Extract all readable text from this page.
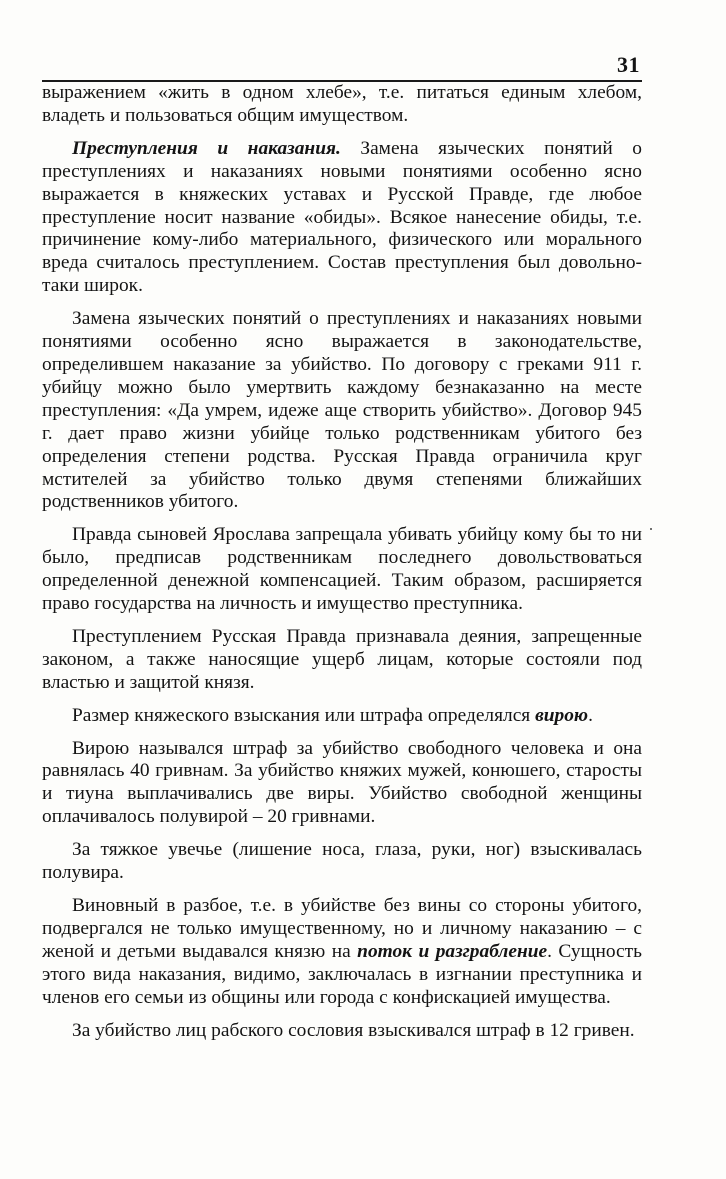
31

выражением «жить в одном хлебе», т.е. питаться единым хлебом, владеть и пользоваться общим имуществом.

Преступления и наказания. Замена языческих понятий о преступлениях и наказаниях новыми понятиями особенно ясно выражается в княжеских уставах и Русской Правде, где любое преступление носит название «обиды». Всякое нанесение обиды, т.е. причинение кому-либо материального, физического или морального вреда считалось преступлением. Состав преступления был довольно-таки широк.

Замена языческих понятий о преступлениях и наказаниях новыми понятиями особенно ясно выражается в законодательстве, определившем наказание за убийство. По договору с греками 911 г. убийцу можно было умертвить каждому безнаказанно на месте преступления: «Да умрем, идеже аще створить убийство». Договор 945 г. дает право жизни убийце только родственникам убитого без определения степени родства. Русская Правда ограничила круг мстителей за убийство только двумя степенями ближайших родственников убитого.

Правда сыновей Ярослава запрещала убивать убийцу кому бы то ни было, предписав родственникам последнего довольствоваться определенной денежной компенсацией. Таким образом, расширяется право государства на личность и имущество преступника.

Преступлением Русская Правда признавала деяния, запрещенные законом, а также наносящие ущерб лицам, которые состояли под властью и защитой князя.

Размер княжеского взыскания или штрафа определялся вирою.

Вирою назывался штраф за убийство свободного человека и она равнялась 40 гривнам. За убийство княжих мужей, конюшего, старосты и тиуна выплачивались две виры. Убийство свободной женщины оплачивалось полувирой – 20 гривнами.

За тяжкое увечье (лишение носа, глаза, руки, ног) взыскивалась полувира.

Виновный в разбое, т.е. в убийстве без вины со стороны убитого, подвергался не только имущественному, но и личному наказанию – с женой и детьми выдавался князю на поток и разграбление. Сущность этого вида наказания, видимо, заключалась в изгнании преступника и членов его семьи из общины или города с конфискацией имущества.

За убийство лиц рабского сословия взыскивался штраф в 12 гривен.
